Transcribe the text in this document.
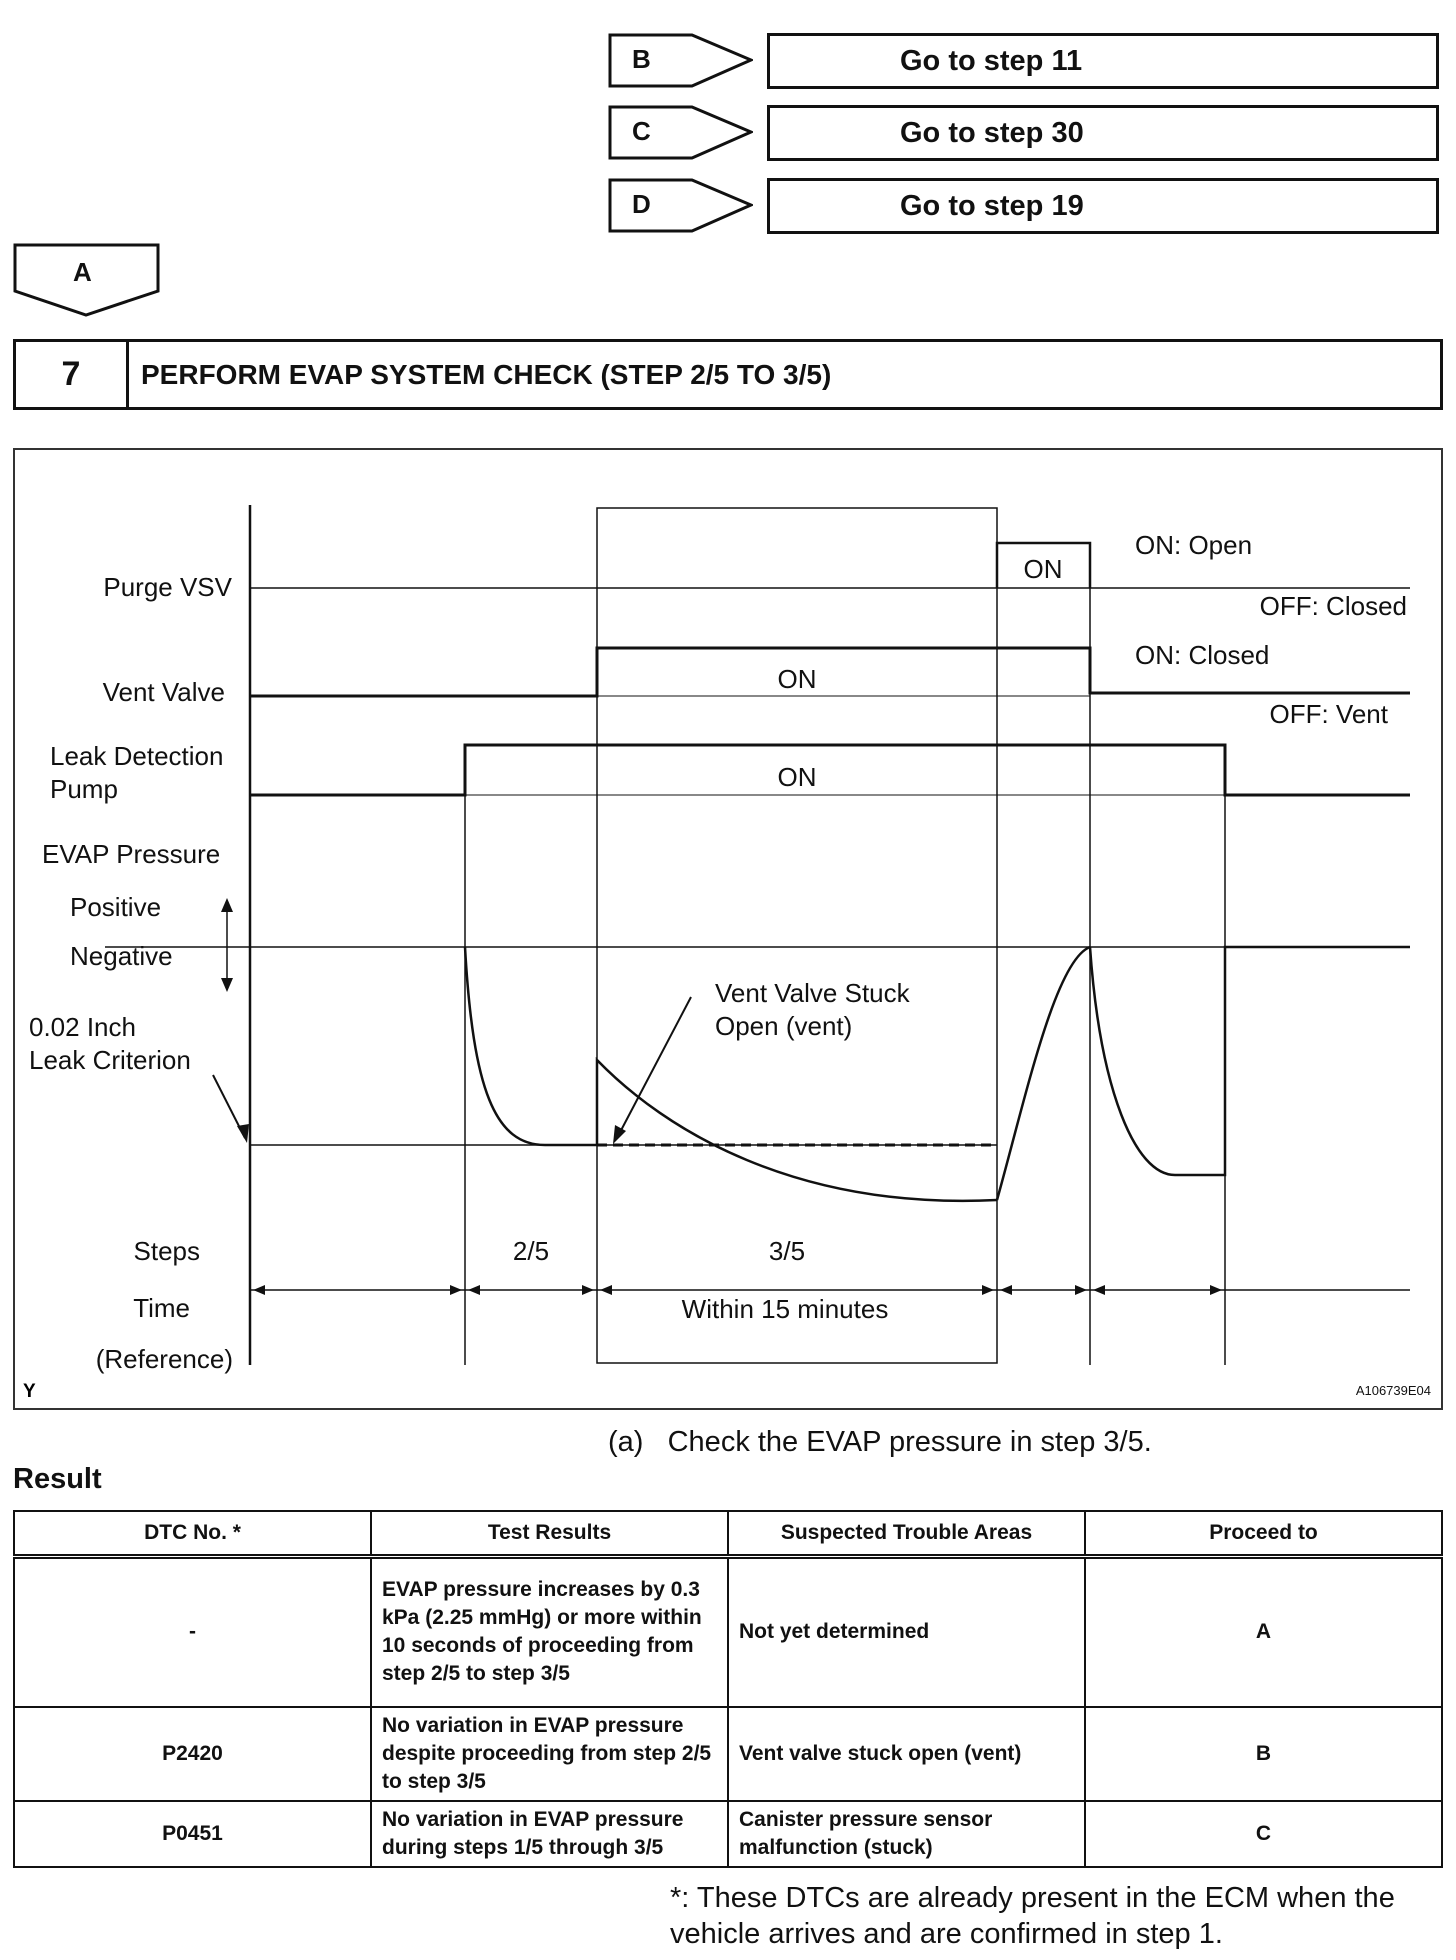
B	Go to step 11
C	Go to step 30
D	Go to step 19
A
7	PERFORM EVAP SYSTEM CHECK (STEP 2/5 TO 3/5)
Purge VSV
Vent Valve
Leak Detection
Pump
EVAP Pressure
Positive
Negative
0.02 Inch
Leak Criterion
Steps
Time
(Reference)
Y
ON
ON
ON
ON: Open
OFF: Closed
ON: Closed
OFF: Vent
Vent Valve Stuck
Open (vent)
2/5	3/5
Within 15 minutes
A106739E04
(a)   Check the EVAP pressure in step 3/5.
Result
DTC No. *	Test Results	Suspected Trouble Areas	Proceed to
-	EVAP pressure increases by 0.3 kPa (2.25 mmHg) or more within 10 seconds of proceeding from step 2/5 to step 3/5	Not yet determined	A
P2420	No variation in EVAP pressure despite proceeding from step 2/5 to step 3/5	Vent valve stuck open (vent)	B
P0451	No variation in EVAP pressure during steps 1/5 through 3/5	Canister pressure sensor malfunction (stuck)	C
*: These DTCs are already present in the ECM when the vehicle arrives and are confirmed in step 1.
